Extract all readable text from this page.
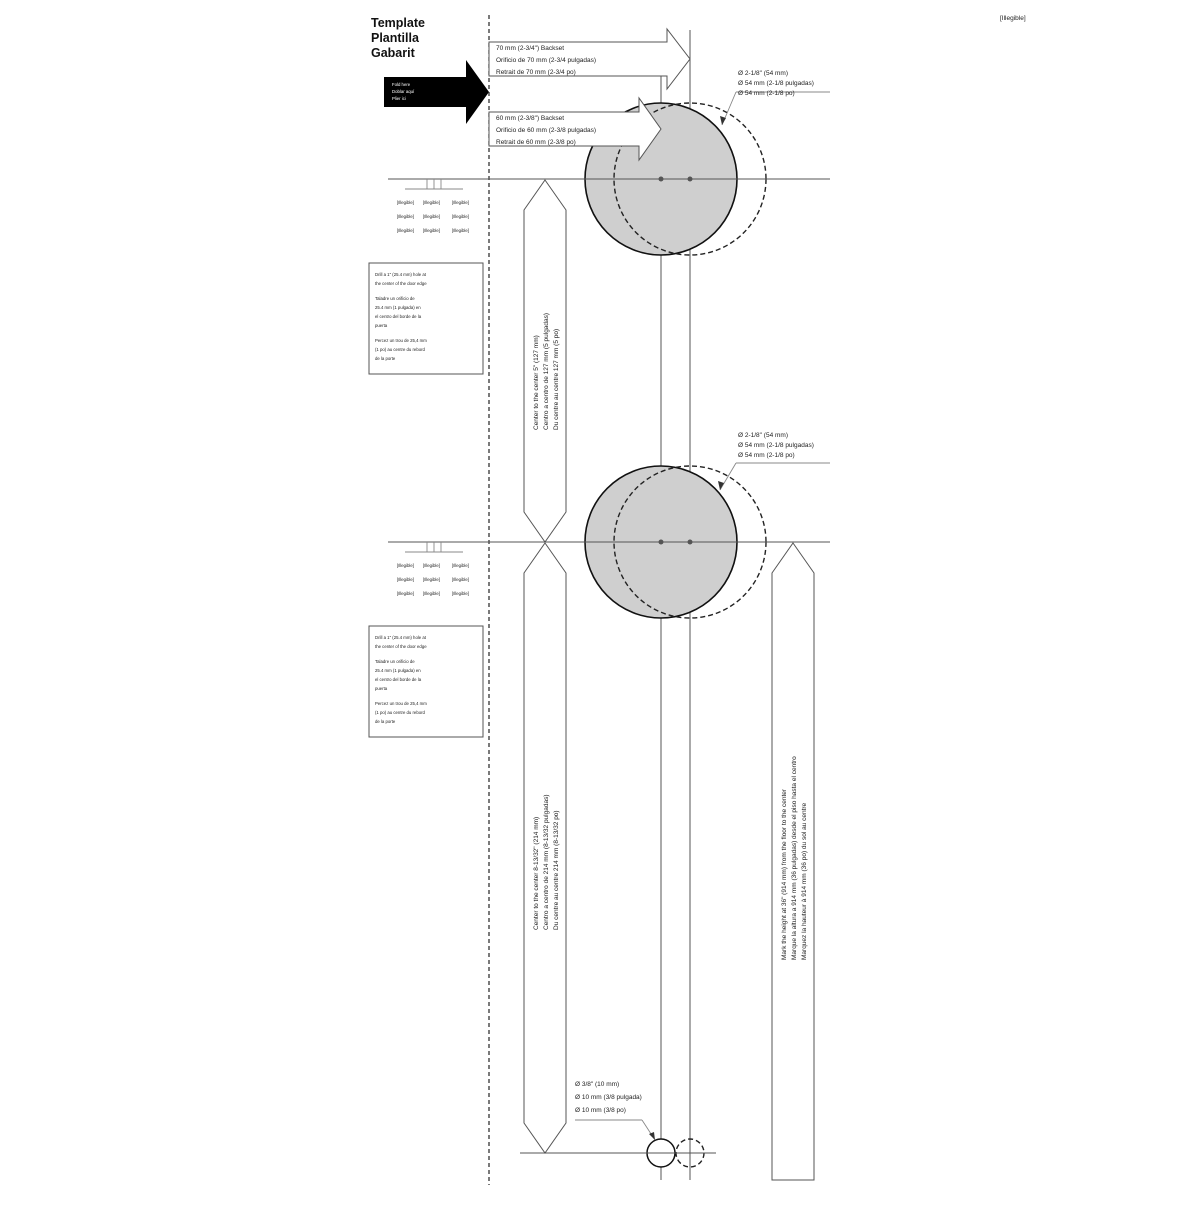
[Illegible]
Template
Plantilla
Gabarit
Fold here
Doblar aquí
Plier ici
70 mm (2-3/4") Backset
Orificio de 70 mm (2-3/4 pulgadas)
Retrait de 70 mm (2-3/4 po)
60 mm (2-3/8") Backset
Orificio de 60 mm (2-3/8 pulgadas)
Retrait de 60 mm (2-3/8 po)
Ø 2-1/8" (54 mm)
Ø 54 mm (2-1/8 pulgadas)
Ø 54 mm (2-1/8 po)
[Illegible]
[Illegible]
[Illegible]
[Illegible]
[Illegible]
[Illegible]
[Illegible]
[Illegible]
[Illegible]
Drill a 1" (25.4 mm) hole at
the center of the door edge
Taladre un orificio de
25.4 mm (1 pulgada) en
el centro del borde de la
puerta
Percez un trou de 25,4 mm
(1 po) au centre du rebord
de la porte	Center to the center 5" (127 mm) Centro a centro de 127 mm (5 pulgadas) Du centre au centre 127 mm (5 po)
Ø 2-1/8" (54 mm)
Ø 54 mm (2-1/8 pulgadas)
Ø 54 mm (2-1/8 po)
[Illegible]
[Illegible]
[Illegible]
[Illegible]
[Illegible]
[Illegible]
[Illegible]
[Illegible]
[Illegible]
Drill a 1" (25.4 mm) hole at
the center of the door edge
Taladre un orificio de
25.4 mm (1 pulgada) en
el centro del borde de la
puerta
Percez un trou de 25,4 mm
(1 po) au centre du rebord
de la porte
Center to the center 8-13/32" (214 mm) Centro a centro de 214 mm (8-13/32 pulgadas) Du centre au centre 214 mm (8-13/32 po)	Mark the height at 36" (914 mm) from the floor to the center Marque la altura a 914 mm (36 pulgadas) desde el piso hasta el centro Marquez la hauteur à 914 mm (36 po) du sol au centre
Ø 3/8" (10 mm)
Ø 10 mm (3/8 pulgada)
Ø 10 mm (3/8 po)
